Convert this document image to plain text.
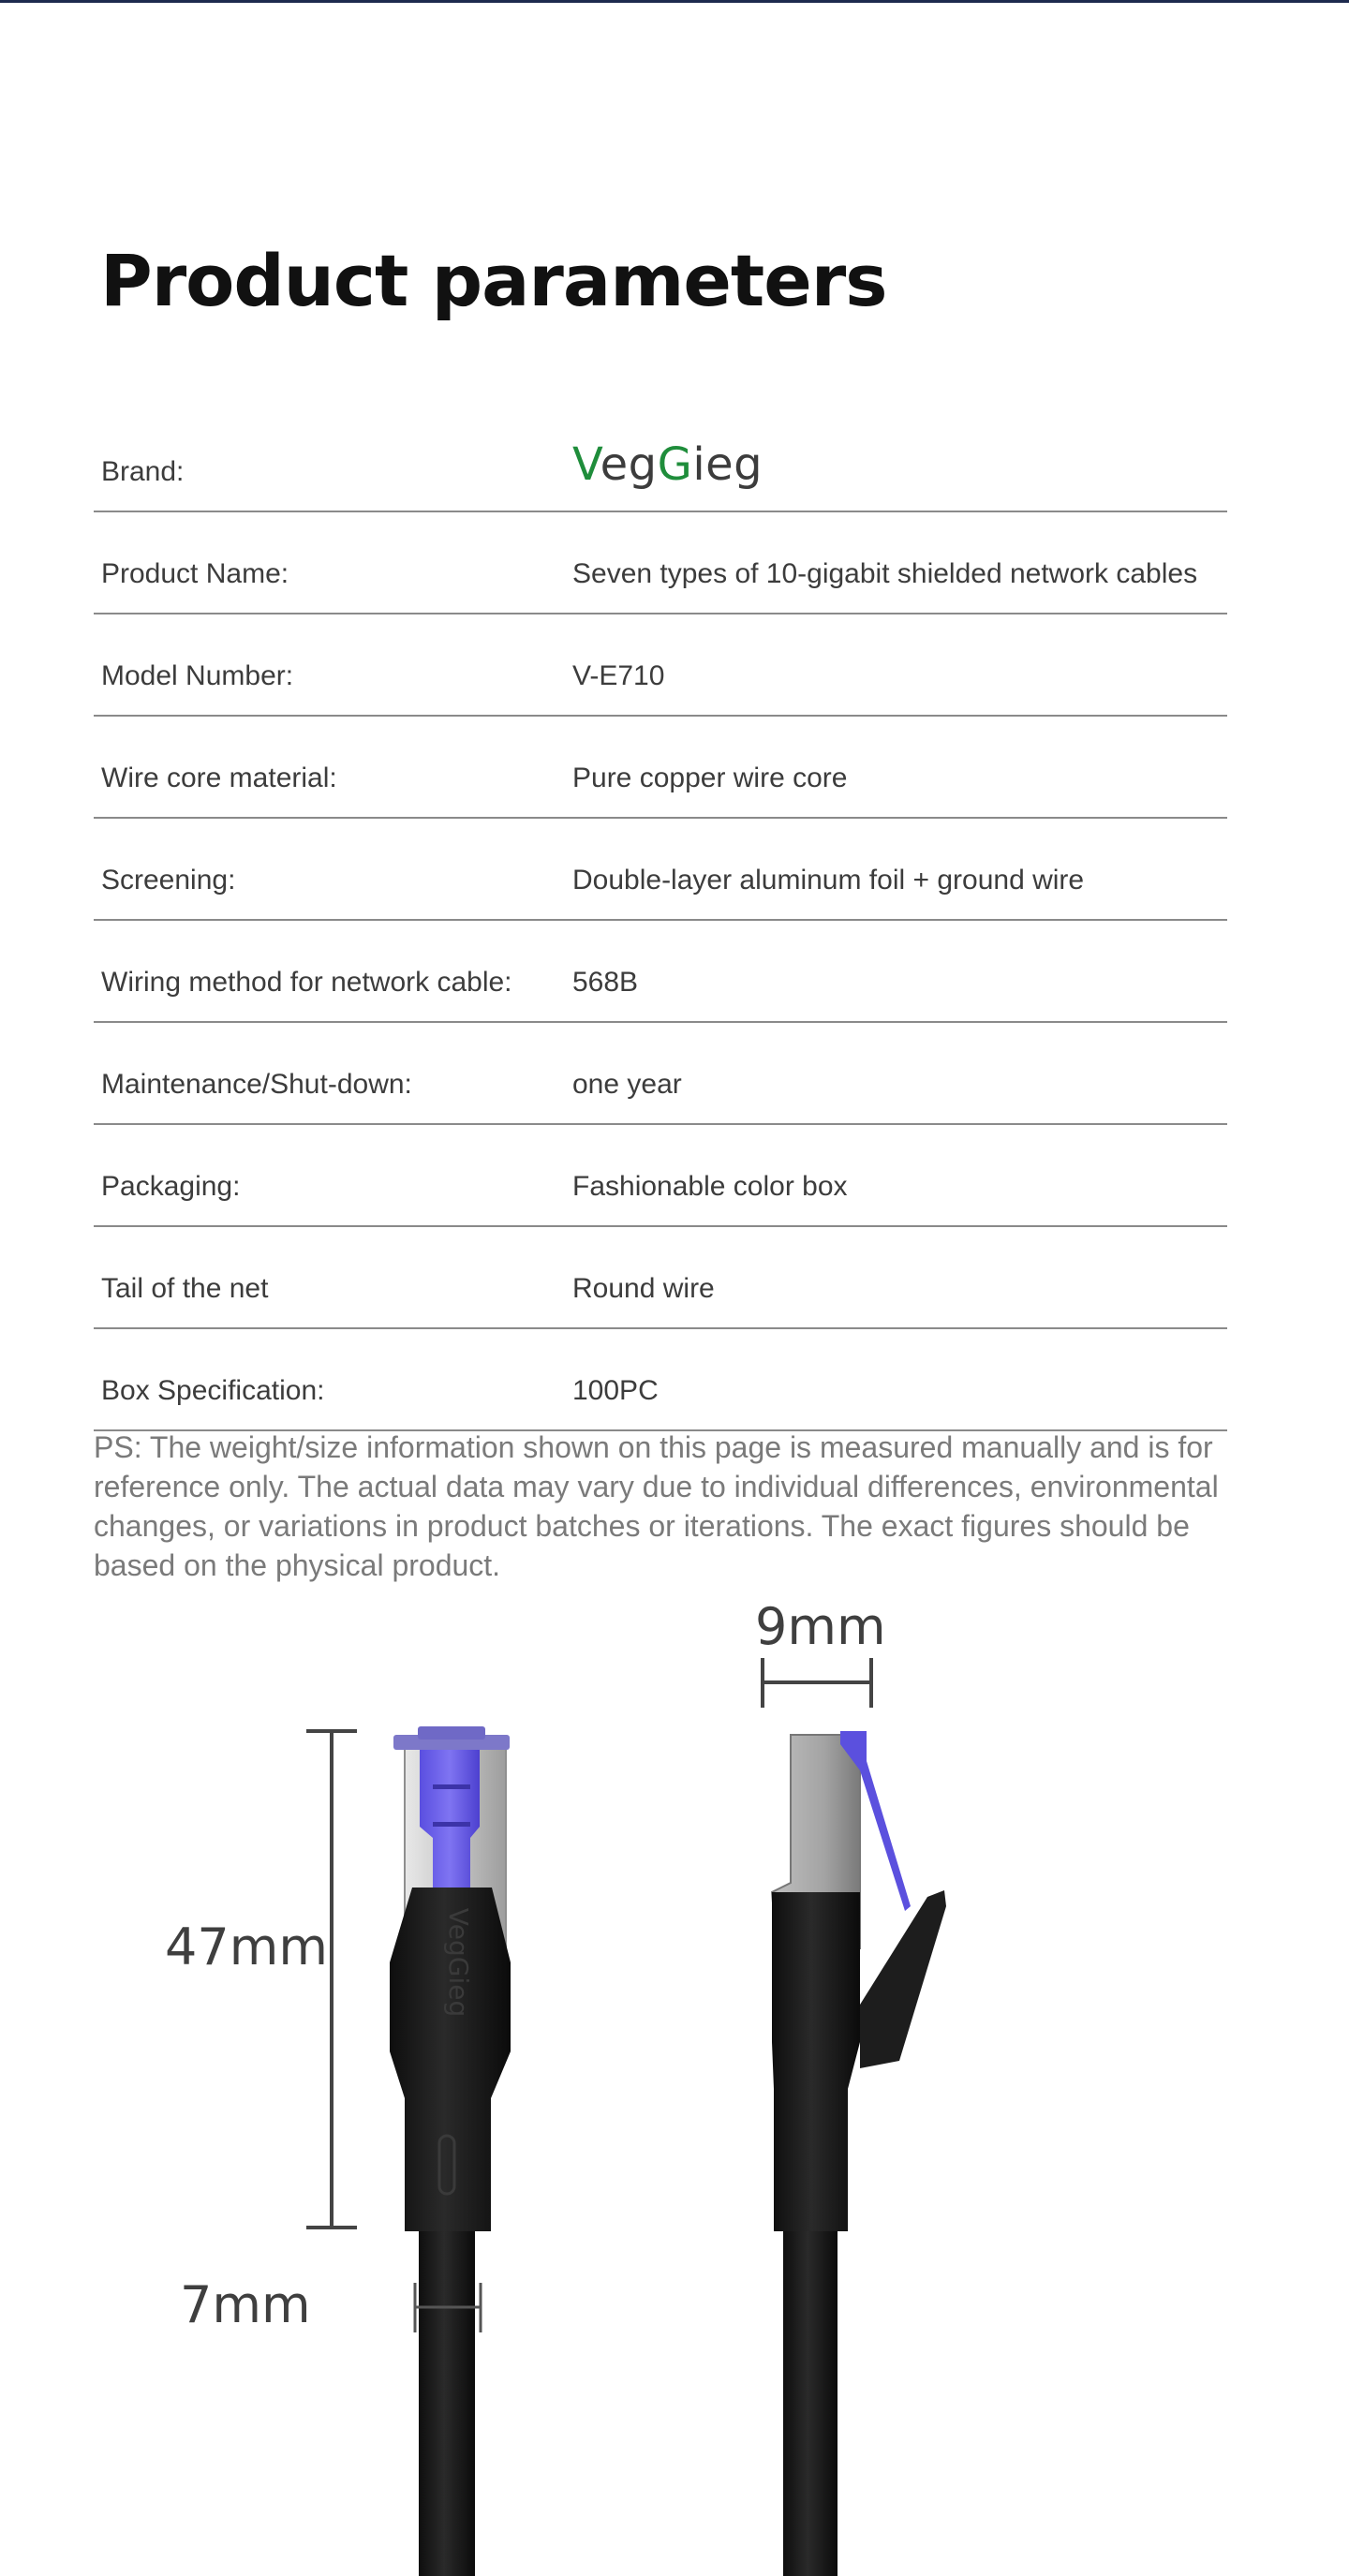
Product parameters
Brand:	VegGieg
Product Name:	Seven types of 10-gigabit shielded network cables
Model Number:	V-E710
Wire core material:	Pure copper wire core
Screening:	Double-layer aluminum foil + ground wire
Wiring method for network cable: 568B
Maintenance/Shut-down:	one year
Packaging:	Fashionable color box
Tail of the net	Round wire
Box Specification:	100PC

PS: The weight/size information shown on this page is measured manually and is for reference only. The actual data may vary due to individual differences, environmental changes, or variations in product batches or iterations. The exact figures should be based on the physical product.

9mm
47mm
7mm
VegGieg
